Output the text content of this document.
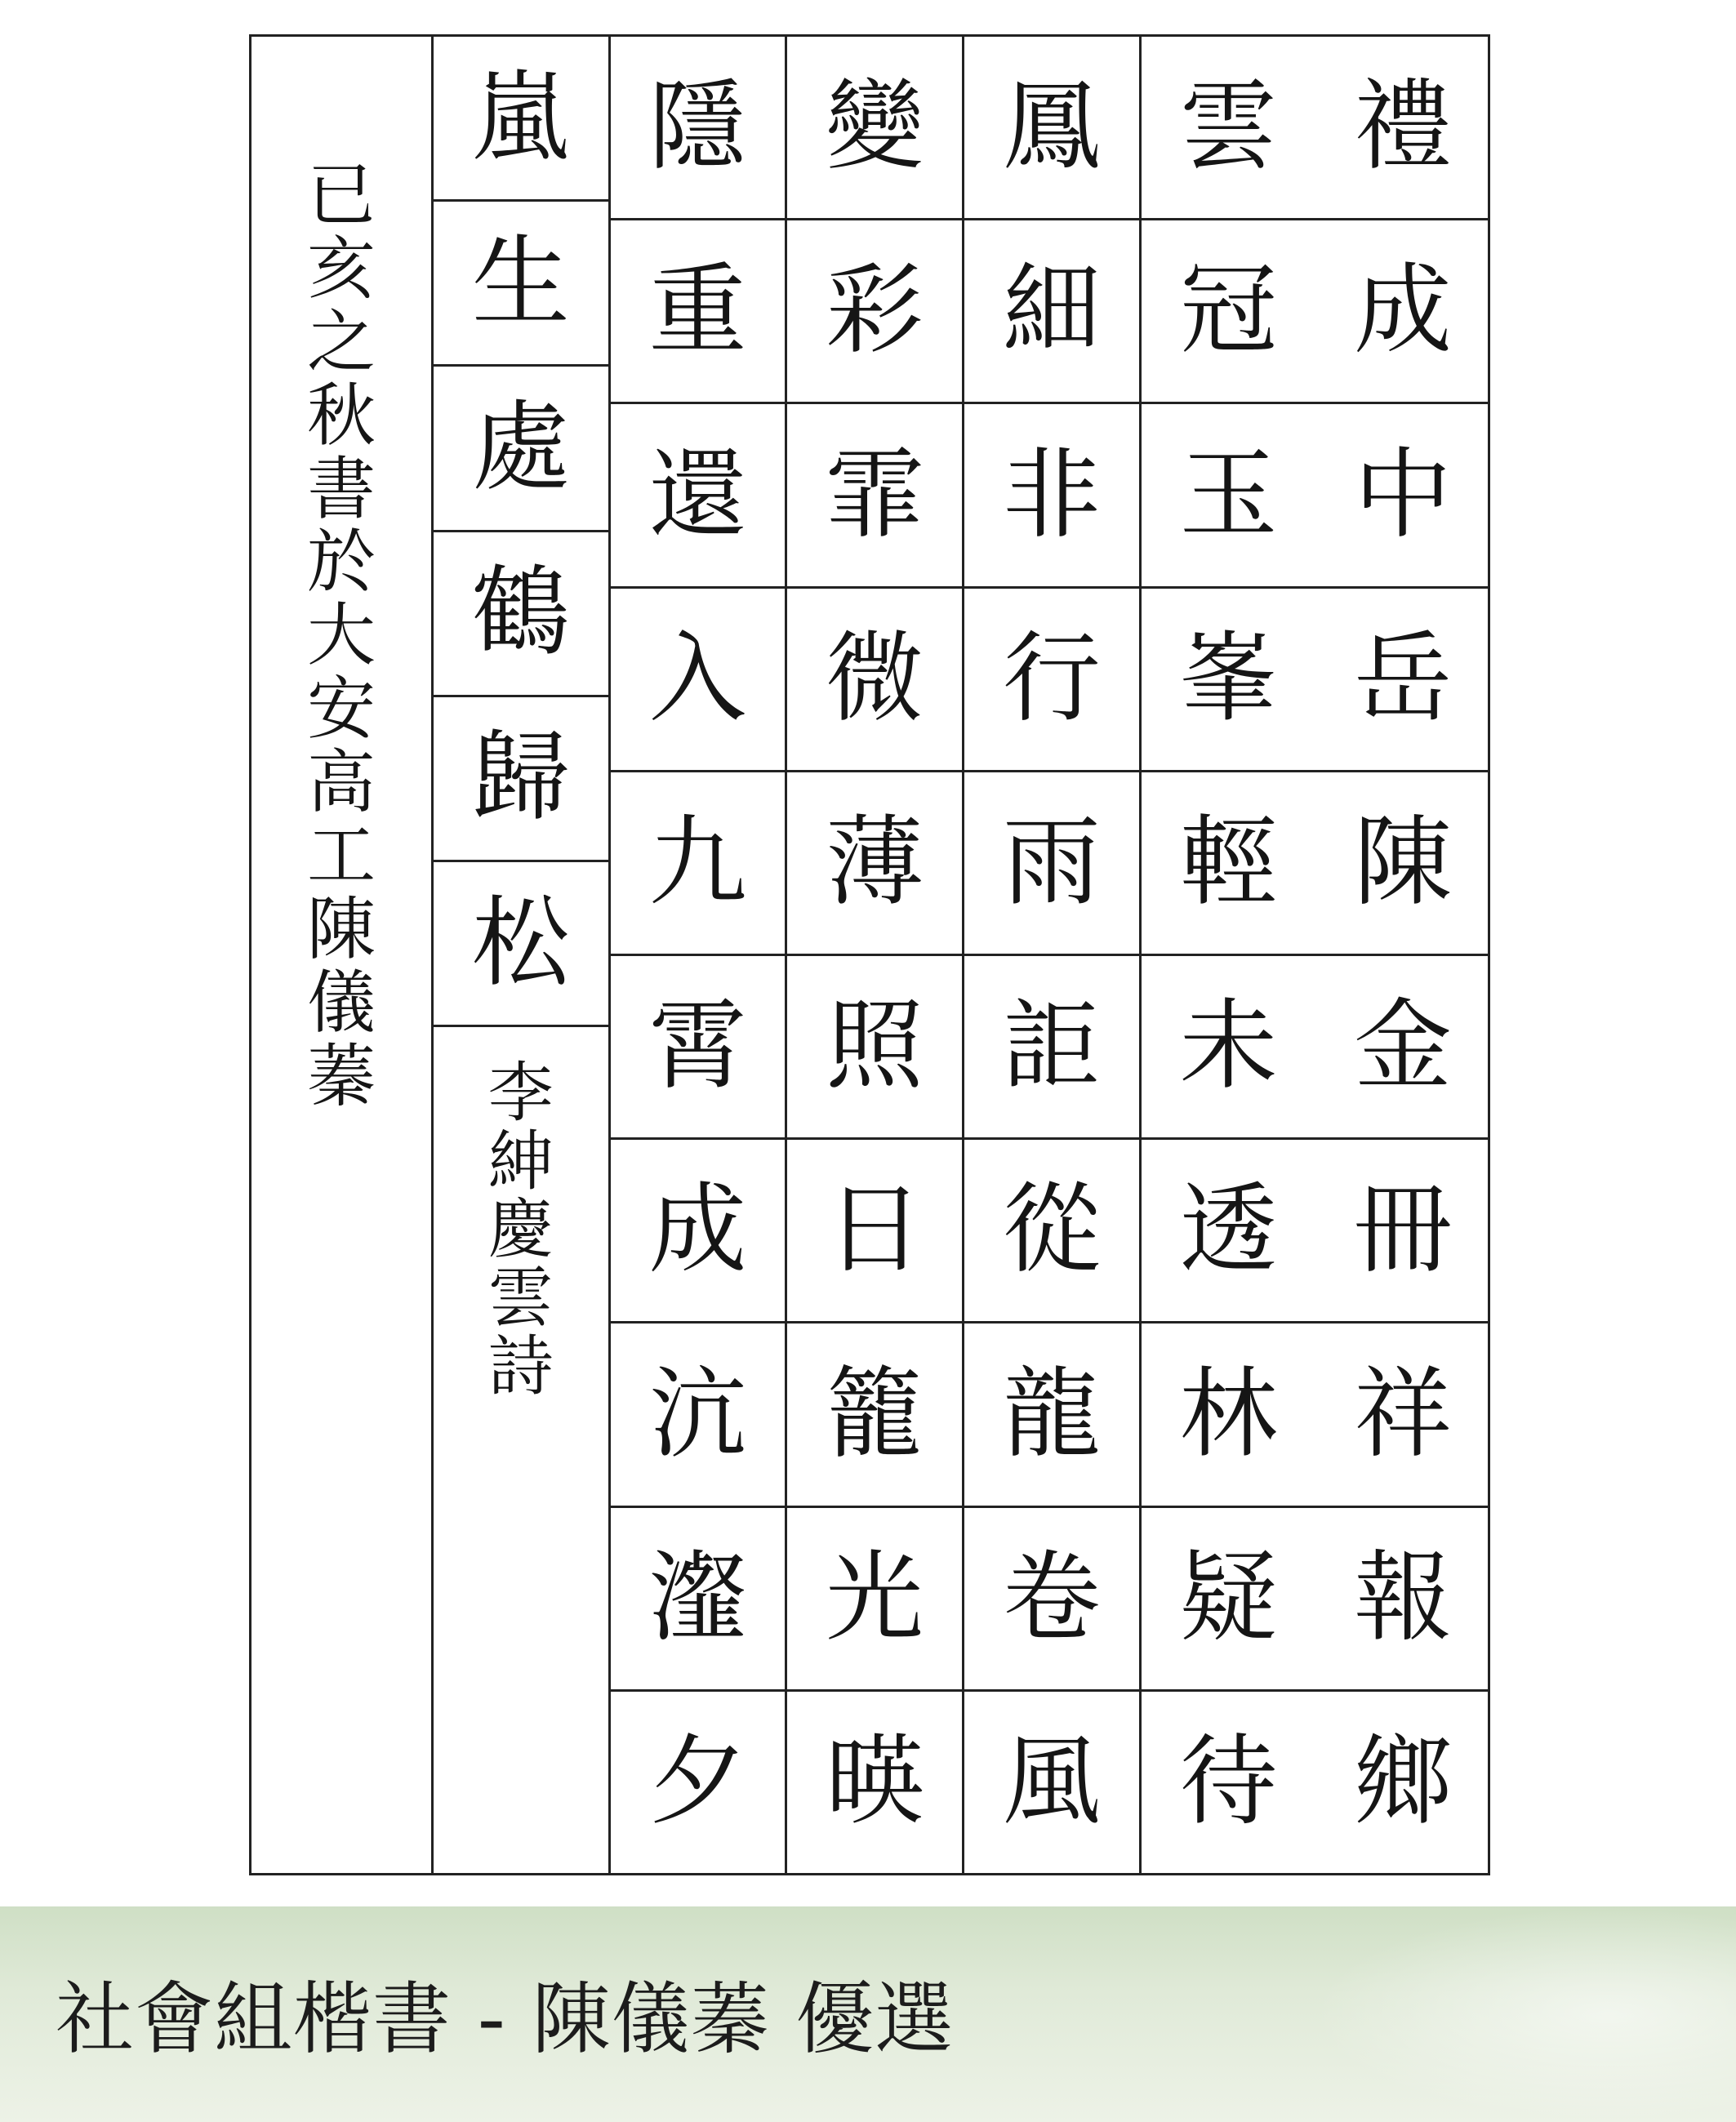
已
亥
之
秋
書
於
大
安
高
工
陳
儀
蓁
禮
成
中
岳
陳
金
冊
祥
報
鄉
雲
冠
玉
峯
輕
未
透
林
疑
待
鳳
細
非
行
雨
詎
從
龍
卷
風
變
彩
霏
微
薄
照
日
籠
光
暎
隱
重
還
入
九
霄
成
沆
瀣
夕
嵐
生
處
鶴
歸
松
李
紳
慶
雲
詩
社會組楷書 - 陳儀蓁 優選
